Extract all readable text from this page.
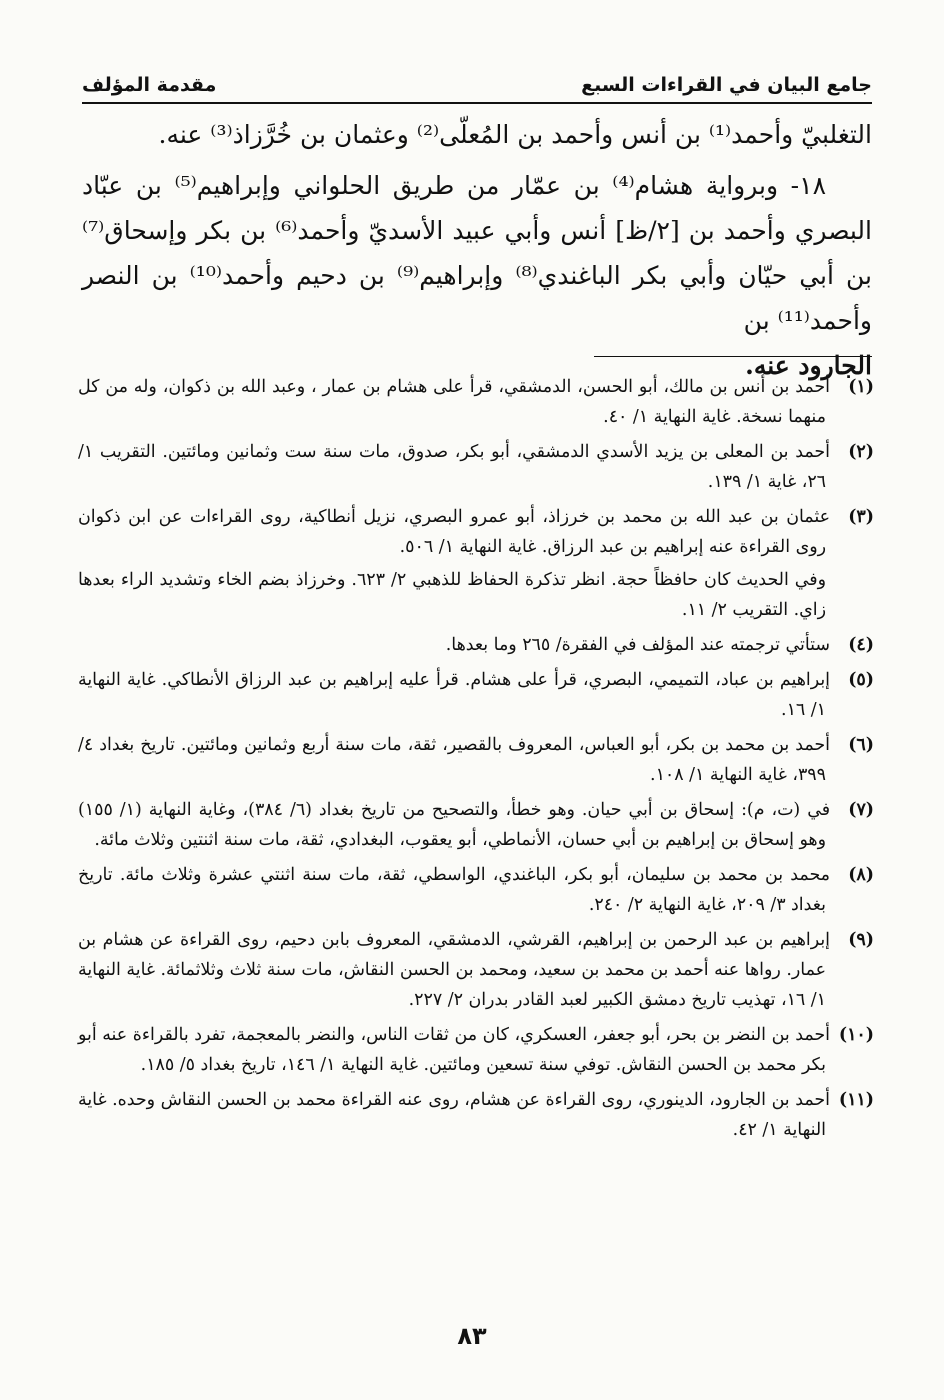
جامع البيان في القراءات السبع
مقدمة المؤلف

التغلبيّ وأحمد⁽¹⁾ بن أنس وأحمد بن المُعلّى⁽²⁾ وعثمان بن خُرَّزاذ⁽³⁾ عنه.

١٨- وبرواية هشام⁽⁴⁾ بن عمّار من طريق الحلواني وإبراهيم⁽⁵⁾ بن عبّاد البصري وأحمد بن [٢/ظ] أنس وأبي عبيد الأسديّ وأحمد⁽⁶⁾ بن بكر وإسحاق⁽⁷⁾ بن أبي حيّان وأبي بكر الباغندي⁽⁸⁾ وإبراهيم⁽⁹⁾ بن دحيم وأحمد⁽¹⁰⁾ بن النصر وأحمد⁽¹¹⁾ بن

الجارود عنه.

(١)أحمد بن أنس بن مالك، أبو الحسن، الدمشقي، قرأ على هشام بن عمار ، وعبد الله بن ذكوان، وله من كل منهما نسخة. غاية النهاية ١/ ٤٠.

(٢)أحمد بن المعلى بن يزيد الأسدي الدمشقي، أبو بكر، صدوق، مات سنة ست وثمانين ومائتين. التقريب ١/ ٢٦، غاية ١/ ١٣٩.

(٣)عثمان بن عبد الله بن محمد بن خرزاذ، أبو عمرو البصري، نزيل أنطاكية، روى القراءات عن ابن ذكوان روى القراءة عنه إبراهيم بن عبد الرزاق. غاية النهاية ١/ ٥٠٦.

وفي الحديث كان حافظاً حجة. انظر تذكرة الحفاظ للذهبي ٢/ ٦٢٣. وخرزاذ بضم الخاء وتشديد الراء بعدها زاي. التقريب ٢/ ١١.

(٤)ستأتي ترجمته عند المؤلف في الفقرة/ ٢٦٥ وما بعدها.

(٥)إبراهيم بن عباد، التميمي، البصري، قرأ على هشام. قرأ عليه إبراهيم بن عبد الرزاق الأنطاكي. غاية النهاية ١/ ١٦.

(٦)أحمد بن محمد بن بكر، أبو العباس، المعروف بالقصير، ثقة، مات سنة أربع وثمانين ومائتين. تاريخ بغداد ٤/ ٣٩٩، غاية النهاية ١/ ١٠٨.

(٧)في (ت، م): إسحاق بن أبي حيان. وهو خطأ، والتصحيح من تاريخ بغداد (٦/ ٣٨٤)، وغاية النهاية (١/ ١٥٥) وهو إسحاق بن إبراهيم بن أبي حسان، الأنماطي، أبو يعقوب، البغدادي، ثقة، مات سنة اثنتين وثلاث مائة.

(٨)محمد بن محمد بن سليمان، أبو بكر، الباغندي، الواسطي، ثقة، مات سنة اثنتي عشرة وثلاث مائة. تاريخ بغداد ٣/ ٢٠٩، غاية النهاية ٢/ ٢٤٠.

(٩)إبراهيم بن عبد الرحمن بن إبراهيم، القرشي، الدمشقي، المعروف بابن دحيم، روى القراءة عن هشام بن عمار. رواها عنه أحمد بن محمد بن سعيد، ومحمد بن الحسن النقاش، مات سنة ثلاث وثلاثمائة. غاية النهاية ١/ ١٦، تهذيب تاريخ دمشق الكبير لعبد القادر بدران ٢/ ٢٢٧.

(١٠)أحمد بن النضر بن بحر، أبو جعفر، العسكري، كان من ثقات الناس، والنضر بالمعجمة، تفرد بالقراءة عنه أبو بكر محمد بن الحسن النقاش. توفي سنة تسعين ومائتين. غاية النهاية ١/ ١٤٦، تاريخ بغداد ٥/ ١٨٥.

(١١)أحمد بن الجارود، الدينوري، روى القراءة عن هشام، روى عنه القراءة محمد بن الحسن النقاش وحده. غاية النهاية ١/ ٤٢.

٨٣
